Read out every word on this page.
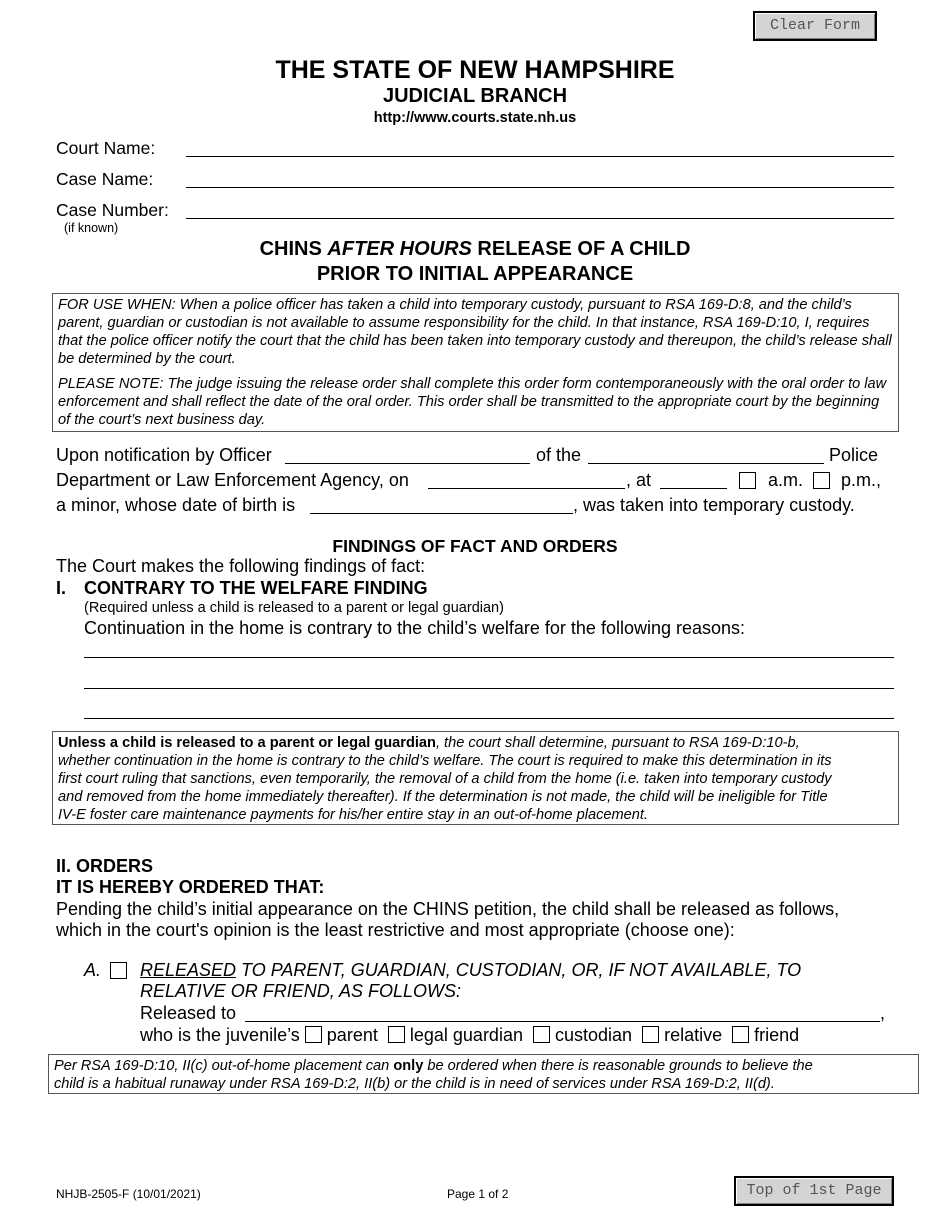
Clear Form
THE STATE OF NEW HAMPSHIRE
JUDICIAL BRANCH
http://www.courts.state.nh.us
Court Name:
Case Name:
Case Number:
(if known)
CHINS AFTER HOURS RELEASE OF A CHILD
PRIOR TO INITIAL APPEARANCE

FOR USE WHEN: When a police officer has taken a child into temporary custody, pursuant to RSA 169-D:8, and the child’s parent, guardian or custodian is not available to assume responsibility for the child. In that instance, RSA 169-D:10, I, requires that the police officer notify the court that the child has been taken into temporary custody and thereupon, the child’s release shall be determined by the court.

PLEASE NOTE: The judge issuing the release order shall complete this order form contemporaneously with the oral order to law enforcement and shall reflect the date of the oral order. This order shall be transmitted to the appropriate court by the beginning of the court’s next business day.

Upon notification by Officer	of the	Police
Department or Law Enforcement Agency, on	, at	a.m. p.m.,
a minor, whose date of birth is	, was taken into temporary custody.
FINDINGS OF FACT AND ORDERS
The Court makes the following findings of fact:
I. CONTRARY TO THE WELFARE FINDING
(Required unless a child is released to a parent or legal guardian)
Continuation in the home is contrary to the child’s welfare for the following reasons:

Unless a child is released to a parent or legal guardian, the court shall determine, pursuant to RSA 169-D:10-b,

whether continuation in the home is contrary to the child’s welfare. The court is required to make this determination in its

first court ruling that sanctions, even temporarily, the removal of a child from the home (i.e. taken into temporary custody

and removed from the home immediately thereafter). If the determination is not made, the child will be ineligible for Title

IV-E foster care maintenance payments for his/her entire stay in an out-of-home placement.

II. ORDERS
IT IS HEREBY ORDERED THAT:
Pending the child’s initial appearance on the CHINS petition, the child shall be released as follows,
which in the court's opinion is the least restrictive and most appropriate (choose one):
A. RELEASED TO PARENT, GUARDIAN, CUSTODIAN, OR, IF NOT AVAILABLE, TO
RELATIVE OR FRIEND, AS FOLLOWS:
Released to	,
who is the juvenile’s parent legal guardian custodian relative friend

Per RSA 169-D:10, II(c) out-of-home placement can only be ordered when there is reasonable grounds to believe the

child is a habitual runaway under RSA 169-D:2, II(b) or the child is in need of services under RSA 169-D:2, II(d).

NHJB-2505-F (10/01/2021)	Page 1 of 2	Top of 1st Page
